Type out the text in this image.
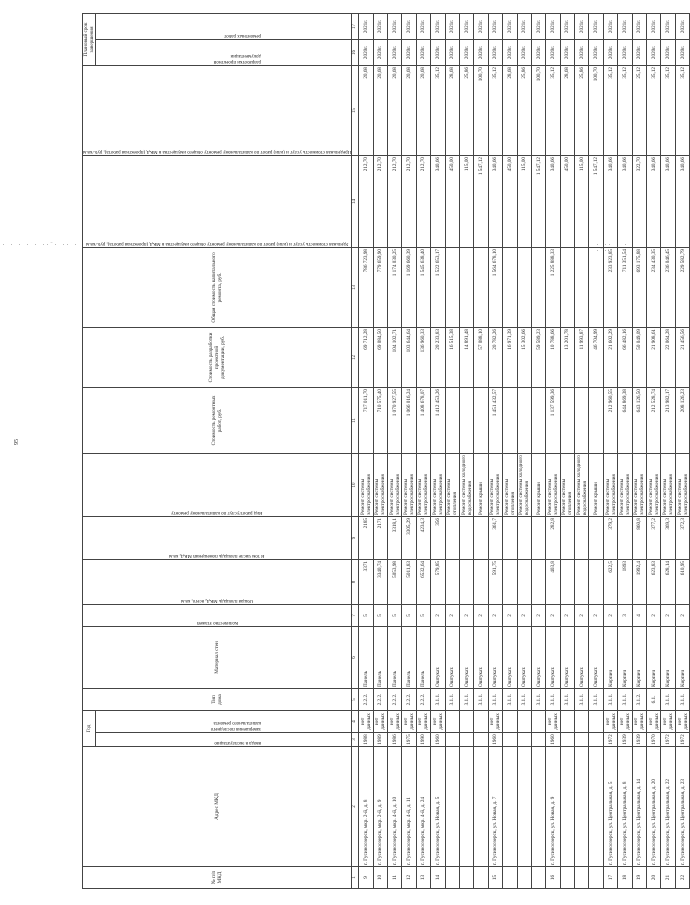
· · · · · ··¨· ·· ·	· ·· · · ·¨·
95
№ п/п МКД	Адрес МКД	Год		Тип дома	Материал стен	Количество этажей	Общая площадь МКД, всего, кв.м	В том числе площадь помещений МКД, кв.м	Вид работ/услуг по капитальному ремонту	Стоимость ремонтных работ, руб.	Стоимость разработки проектной документации, руб.	Общая стоимость капитального ремонта, руб.	Удельная стоимость услуг и (или) работ по капитальному ремонту общего имущества в МКД (проектная работа), руб./кв.м	Предельная стоимость услуг и (или) работ по капитальному ремонту общего имущества в МКД (проектная работа), руб./кв.м	Плановый срок завершения	

		ввода в эксплуатацию	завершения последнего капитального ремонта												разработки проектной документации	ремонтных работ

1	2	3	4	5	6	7	8	9	10	11	12	13	14	15	16	17
9	г. Гусиноозерск, мкр. 2-й, д. 8	1988	нет данных	2.2.2.	Панель	5	3371	2185	Ремонт системы электроснабжения	717 011,70	69 712,28	786 723,98	212,70	20,68	2020г.	2021г.
10	г. Гусиноозерск, мкр. 2-й, д. 9	1989	нет данных	2.2.2.	Панель	5	3340,74	2171	Ремонт системы электроснабжения	710 575,40	69 084,50	779 659,90	212,70	20,68	2020г.	2021г.
11	г. Гусиноозерск, мкр. 4-й, д. 10	1986	нет данных	2.2.2.	Панель	5	5053,98	3318,1	Ремонт системы электроснабжения	1 070 927,55	104 102,71	1 174 030,25	212,70	20,68	2020г.	2021г.
12	г. Гусиноозерск, мкр. 4-й, д. 11	1975	нет данных	2.2.2.	Панель	5	5011,83	3305,29	Ремонт системы электроснабжения	1 066 016,24	103 644,64	1 169 660,39	212,70	20,68	2020г.	2021г.
13	г. Гусиноозерск, мкр. 4-й, д. 24	1990	нет данных	2.2.2.	Панель	5	6532,64	4234,3	Ремонт системы электроснабжения	1 408 678,07	136 960,33	1 545 638,40	212,70	20,68	2020г.	2021г.
14	г. Гусиноозерск, ул. Новая, д. 5	1960	нет данных	3.1.1.	Оштукат.	2	579,85	356	Ремонт системы электроснабжения	1 412 453,26	20 233,83	1 522 653,17	340,66	35,12	2020г.	2021г.
				3.1.1.	Оштукат.	2			Ремонт системы отопления		16 515,38		450,00	28,68	2020г.	2021г.
				3.1.1.	Оштукат.	2			Ремонт системы холодного водоснабжения		14 891,48		115,00	25,86	2020г.	2021г.
				3.1.1.	Оштукат.	2			Ремонт крыши		57 088,10		1 547,12	100,70	2020г.	2021г.
15	г. Гусиноозерск, ул. Новая, д. 7	1960	нет данных	3.1.1.	Оштукат.	2	591,75	361,7	Ремонт системы электроснабжения	1 451 432,57	20 782,26	1 564 678,10	340,66	35,12	2020г.	2021г.
				3.1.1.	Оштукат.	2			Ремонт системы отопления		16 971,39		450,00	28,68	2020г.	2021г.
				3.1.1.	Оштукат.	2			Ремонт системы холодного водоснабжения		15 302,66		115,00	25,86	2020г.	2021г.
				3.1.1.	Оштукат.	2			Ремонт крыши		59 589,23		1 547,12	100,70	2020г.	2021г.
16	г. Гусиноозерск, ул. Новая, д. 9	1960	нет данных	3.1.1.	Оштукат.	2	403,8	282,8	Ремонт системы электроснабжения	1 137 599,36	10 788,66	1 225 888,33	340,66	35,12	2020г.	2021г.
				3.1.1.	Оштукат.	2			Ремонт системы отопления		13 201,78		450,00	28,68	2020г.	2021г.
				3.1.1.	Оштукат.	2			Ремонт системы холодного водоснабжения		11 993,87		115,00	25,86	2020г.	2021г.
				3.1.1.	Оштукат.	2			Ремонт крыши		46 704,99		1 547,12	100,70	2020г.	2021г.
17	г. Гусиноозерск, ул. Центральная, д. 5	1972	нет данных	3.1.1.	Кирпич	2	622,5	379,2	Ремонт системы электроснабжения	212 960,55	21 602,29	233 923,85	340,66	35,12	2020г.	2021г.
18	г. Гусиноозерск, ул. Центральная, д. 8	1939	нет данных	3.1.1.	Кирпич	3	1893		Ремонт системы электроснабжения	644 869,38	66 482,16	711 351,54	340,66	35,12	2020г.	2021г.
19	г. Гусиноозерск, ул. Центральная, д. 14	1939	нет данных	3.1.2.	Кирпич	4	1992,4	860,8	Ремонт системы электроснабжения	643 126,50	50 049,09	693 175,88	322,70	25,12	2020г.	2021г.
20	г. Гусиноозерск, ул. Центральная, д. 20	1970	нет данных	6.1.	Кирпич	2	623,83	377,2	Ремонт системы электроснабжения	212 528,74	21 908,61	234 430,35	340,66	35,12	2020г.	2021г.
21	г. Гусиноозерск, ул. Центральная, д. 22	1972	нет данных	3.1.1.	Кирпич	2	628,14	369,3	Ремонт системы электроснабжения	213 982,17	22 064,28	236 046,45	340,66	35,12	2020г.	2021г.
22	г. Гусиноозерск, ул. Центральная, д. 23	1972	нет данных	3.1.1.	Кирпич	2	610,95	372,3	Ремонт системы электроснабжения	208 126,23	21 456,56	229 582,79	340,66	35,12	2020г.	2021г.
